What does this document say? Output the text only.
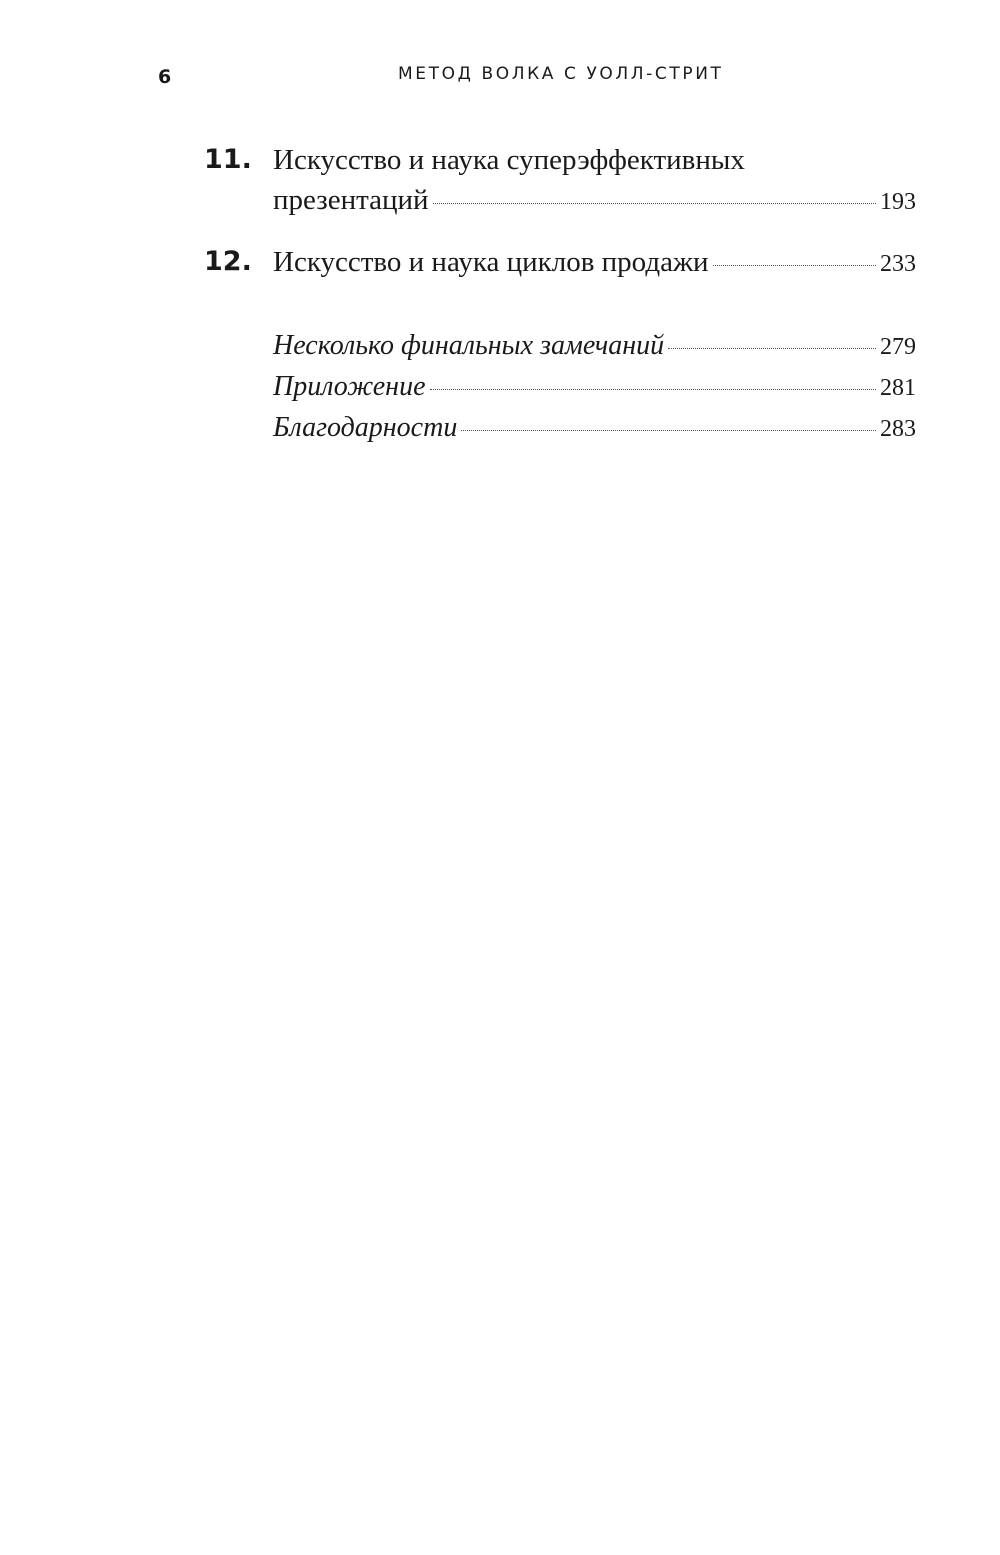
6	МЕТОД ВОЛКА С УОЛЛ-СТРИТ
11. Искусство и наука суперэффективных
презентаций	193
12. Искусство и наука циклов продажи	233
Несколько финальных замечаний	279
Приложение	281
Благодарности	283
